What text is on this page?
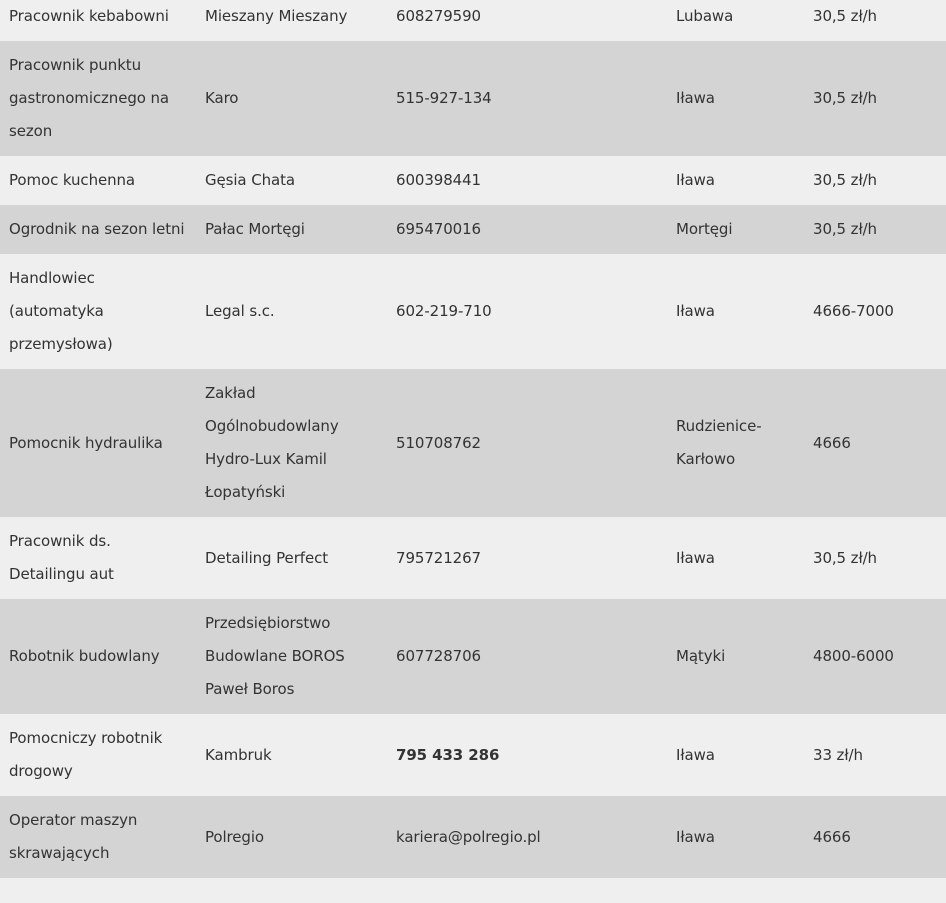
Pracownik kebabowni	Mieszany Mieszany	608279590	Lubawa	30,5 zł/h
Pracownik punktu gastronomicznego na sezon	Karo	515-927-134	Iława	30,5 zł/h
Pomoc kuchenna	Gęsia Chata	600398441	Iława	30,5 zł/h
Ogrodnik na sezon letni	Pałac Mortęgi	695470016	Mortęgi	30,5 zł/h
Handlowiec (automatyka przemysłowa)	Legal s.c.	602-219-710	Iława	4666-7000
Pomocnik hydraulika	Zakład Ogólnobudowlany Hydro-Lux Kamil Łopatyński	510708762	Rudzienice-Karłowo	4666
Pracownik ds. Detailingu aut	Detailing Perfect	795721267	Iława	30,5 zł/h
Robotnik budowlany	Przedsiębiorstwo Budowlane BOROS Paweł Boros	607728706	Mątyki	4800-6000
Pomocniczy robotnik drogowy	Kambruk	795 433 286	Iława	33 zł/h
Operator maszyn skrawających	Polregio	kariera@polregio.pl	Iława	4666
